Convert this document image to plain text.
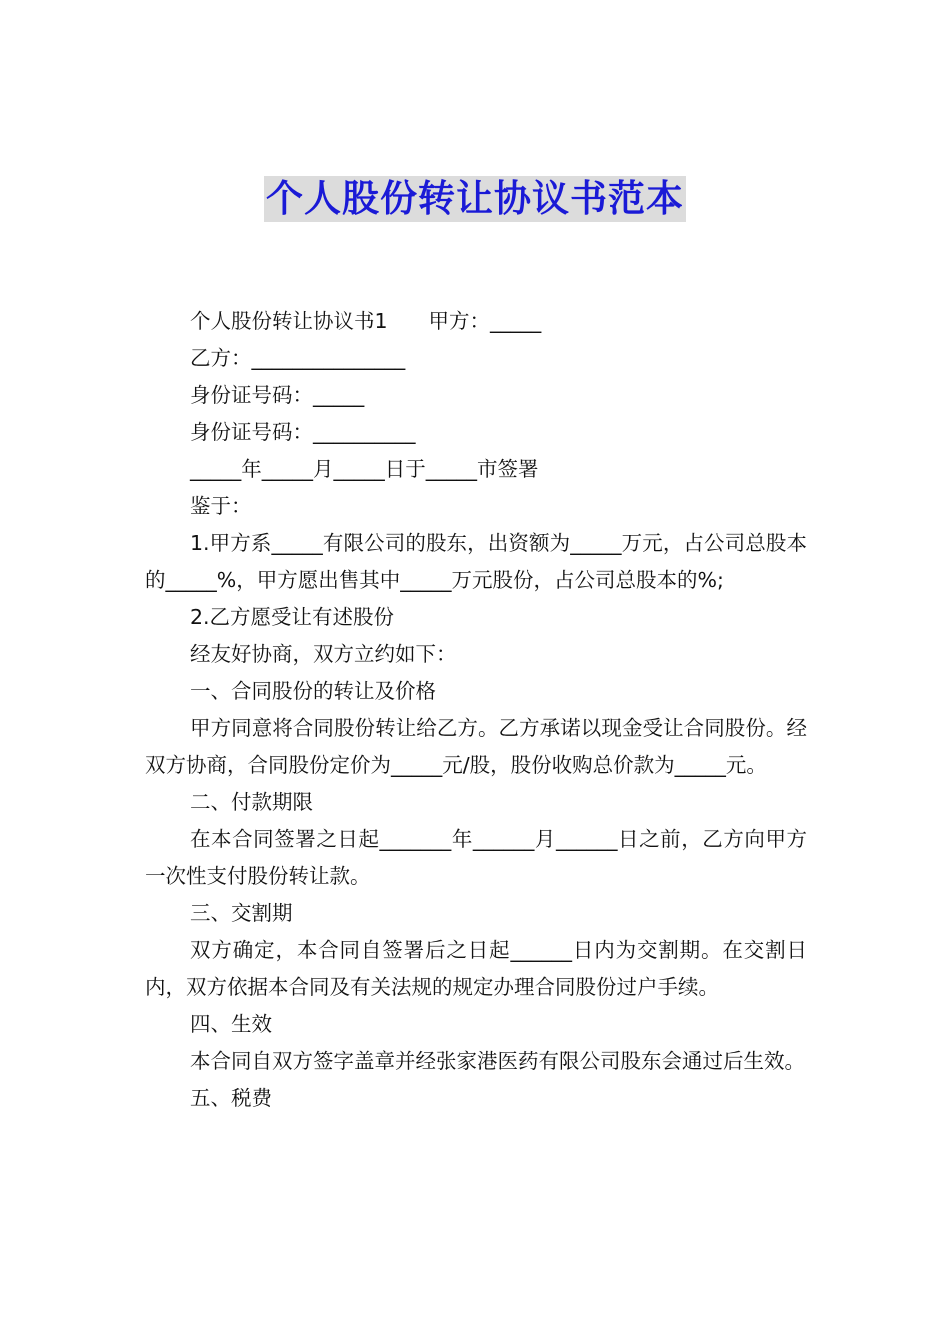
个人股份转让协议书范本

个人股份转让协议书1　　甲方：_____

乙方：_______________

身份证号码：_____

身份证号码：__________

_____年_____月_____日于_____市签署

鉴于：

1.甲方系_____有限公司的股东，出资额为_____万元，占公司总股本的_____%，甲方愿出售其中_____万元股份，占公司总股本的%;

2.乙方愿受让有述股份

经友好协商，双方立约如下：

一、合同股份的转让及价格

甲方同意将合同股份转让给乙方。乙方承诺以现金受让合同股份。经双方协商，合同股份定价为_____元/股，股份收购总价款为_____元。

二、付款期限

在本合同签署之日起_______年______月______日之前，乙方向甲方一次性支付股份转让款。

三、交割期

双方确定，本合同自签署后之日起______日内为交割期。在交割日内，双方依据本合同及有关法规的规定办理合同股份过户手续。

四、生效

本合同自双方签字盖章并经张家港医药有限公司股东会通过后生效。

五、税费
